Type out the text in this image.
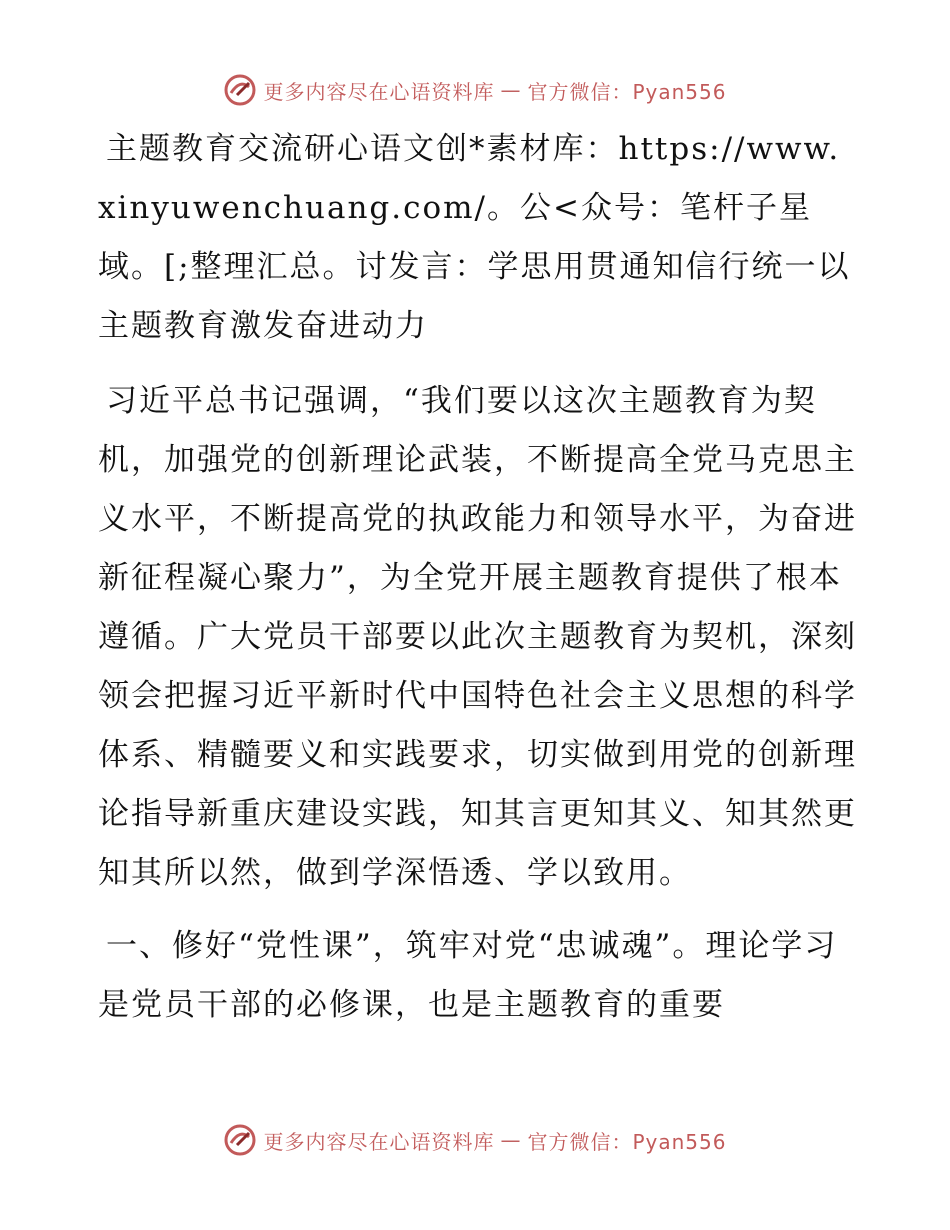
更多内容尽在心语资料库 — 官方微信：Pyan556

主题教育交流研心语文创*素材库：https://www.xinyuwenchuang.com/。公<众号：笔杆子星域。[;整理汇总。讨发言：学思用贯通知信行统一以主题教育激发奋进动力

习近平总书记强调，“我们要以这次主题教育为契机，加强党的创新理论武装，不断提高全党马克思主义水平，不断提高党的执政能力和领导水平，为奋进新征程凝心聚力”，为全党开展主题教育提供了根本遵循。广大党员干部要以此次主题教育为契机，深刻领会把握习近平新时代中国特色社会主义思想的科学体系、精髓要义和实践要求，切实做到用党的创新理论指导新重庆建设实践，知其言更知其义、知其然更知其所以然，做到学深悟透、学以致用。

一、修好“党性课”，筑牢对党“忠诚魂”。理论学习是党员干部的必修课，也是主题教育的重要

更多内容尽在心语资料库 — 官方微信：Pyan556
